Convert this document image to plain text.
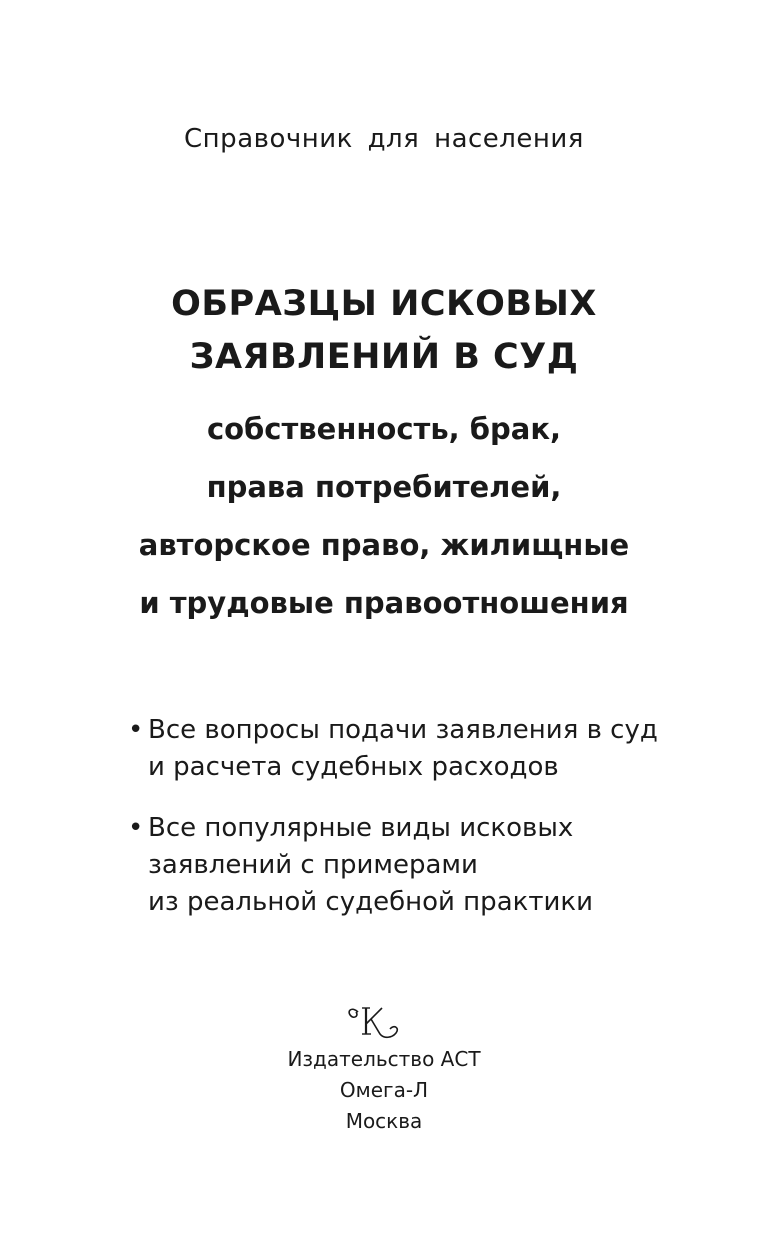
Справочник для населения
ОБРАЗЦЫ ИСКОВЫХ
ЗАЯВЛЕНИЙ В СУД
собственность, брак,
права потребителей,
авторское право, жилищные
и трудовые правоотношения
• Все вопросы подачи заявления в суд
и расчета судебных расходов
• Все популярные виды исковых
заявлений с примерами
из реальной судебной практики
Издательство АСТ
Омега-Л
Москва
